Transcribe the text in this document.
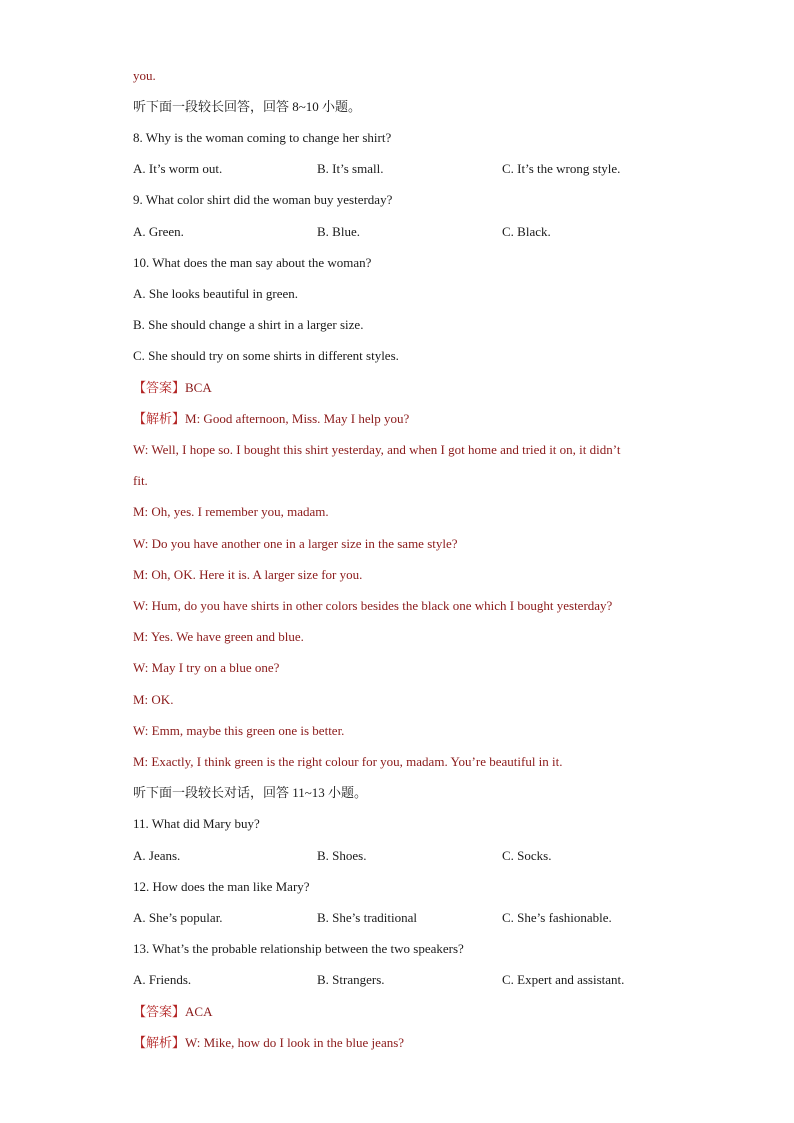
you.
听下面一段较长回答，回答 8~10 小题。
8. Why is the woman coming to change her shirt?
A. It’s worm out.	B. It’s small.	C. It’s the wrong style.
9. What color shirt did the woman buy yesterday?
A. Green.	B. Blue.	C. Black.
10. What does the man say about the woman?
A. She looks beautiful in green.
B. She should change a shirt in a larger size.
C. She should try on some shirts in different styles.
【答案】BCA
【解析】M: Good afternoon, Miss. May I help you?
W: Well, I hope so. I bought this shirt yesterday, and when I got home and tried it on, it didn’t
fit.
M: Oh, yes. I remember you, madam.
W: Do you have another one in a larger size in the same style?
M: Oh, OK. Here it is. A larger size for you.
W: Hum, do you have shirts in other colors besides the black one which I bought yesterday?
M: Yes. We have green and blue.
W: May I try on a blue one?
M: OK.
W: Emm, maybe this green one is better.
M: Exactly, I think green is the right colour for you, madam. You’re beautiful in it.
听下面一段较长对话，回答 11~13 小题。
11. What did Mary buy?
A. Jeans.	B. Shoes.	C. Socks.
12. How does the man like Mary?
A. She’s popular.	B. She’s traditional	C. She’s fashionable.
13. What’s the probable relationship between the two speakers?
A. Friends.	B. Strangers.	C. Expert and assistant.
【答案】ACA
【解析】W: Mike, how do I look in the blue jeans?
